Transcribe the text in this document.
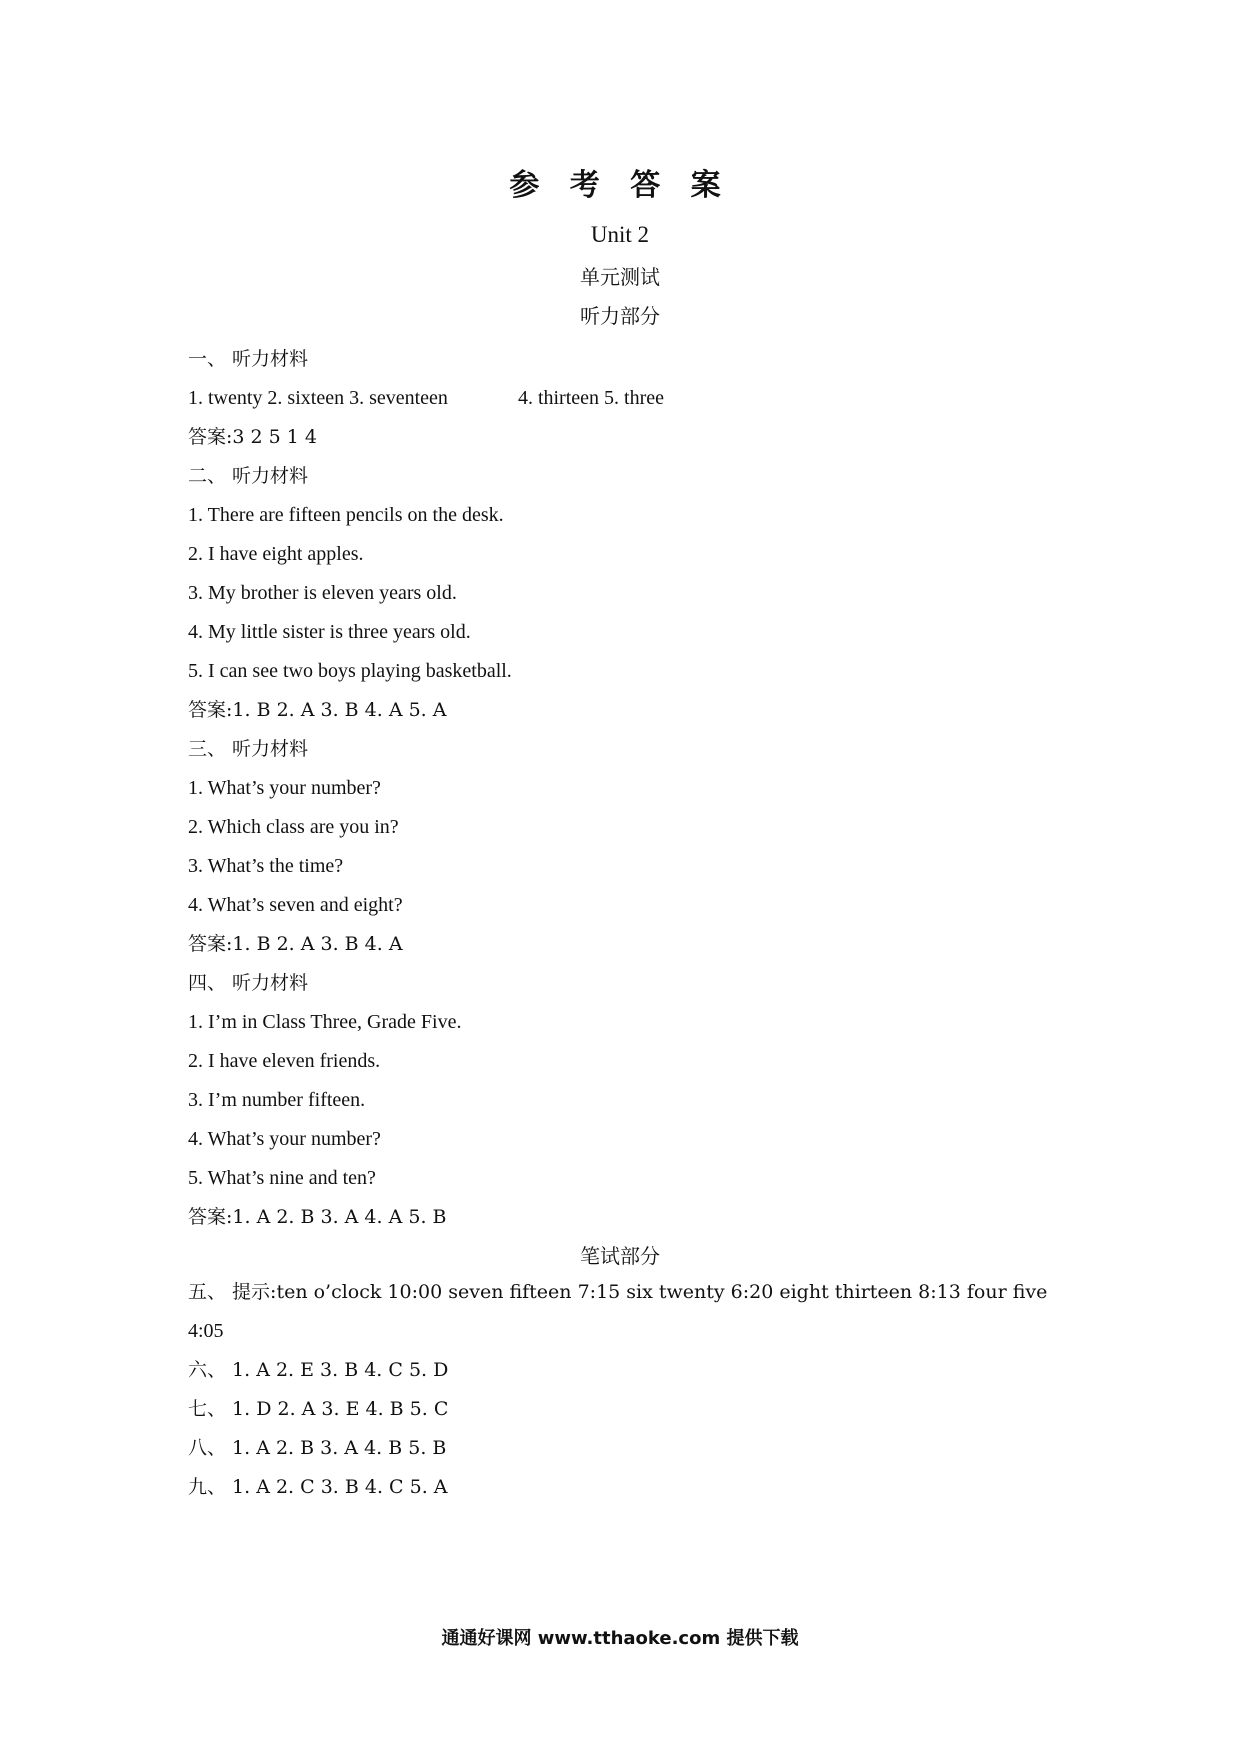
参 考 答 案
Unit 2
单元测试
听力部分
一、 听力材料
1. twenty 2. sixteen 3. seventeen	4. thirteen 5. three
答案:3 2 5 1 4
二、 听力材料
1. There are fifteen pencils on the desk.
2. I have eight apples.
3. My brother is eleven years old.
4. My little sister is three years old.
5. I can see two boys playing basketball.
答案:1. B 2. A 3. B 4. A 5. A
三、 听力材料
1. What’s your number?
2. Which class are you in?
3. What’s the time?
4. What’s seven and eight?
答案:1. B 2. A 3. B 4. A
四、 听力材料
1. I’m in Class Three, Grade Five.
2. I have eleven friends.
3. I’m number fifteen.
4. What’s your number?
5. What’s nine and ten?
答案:1. A 2. B 3. A 4. A 5. B
笔试部分
五、 提示:ten o’clock 10:00 seven fifteen 7:15 six twenty 6:20 eight thirteen 8:13 four five
4:05
六、 1. A 2. E 3. B 4. C 5. D
七、 1. D 2. A 3. E 4. B 5. C
八、 1. A 2. B 3. A 4. B 5. B
九、 1. A 2. C 3. B 4. C 5. A
通通好课网 www.tthaoke.com 提供下载
